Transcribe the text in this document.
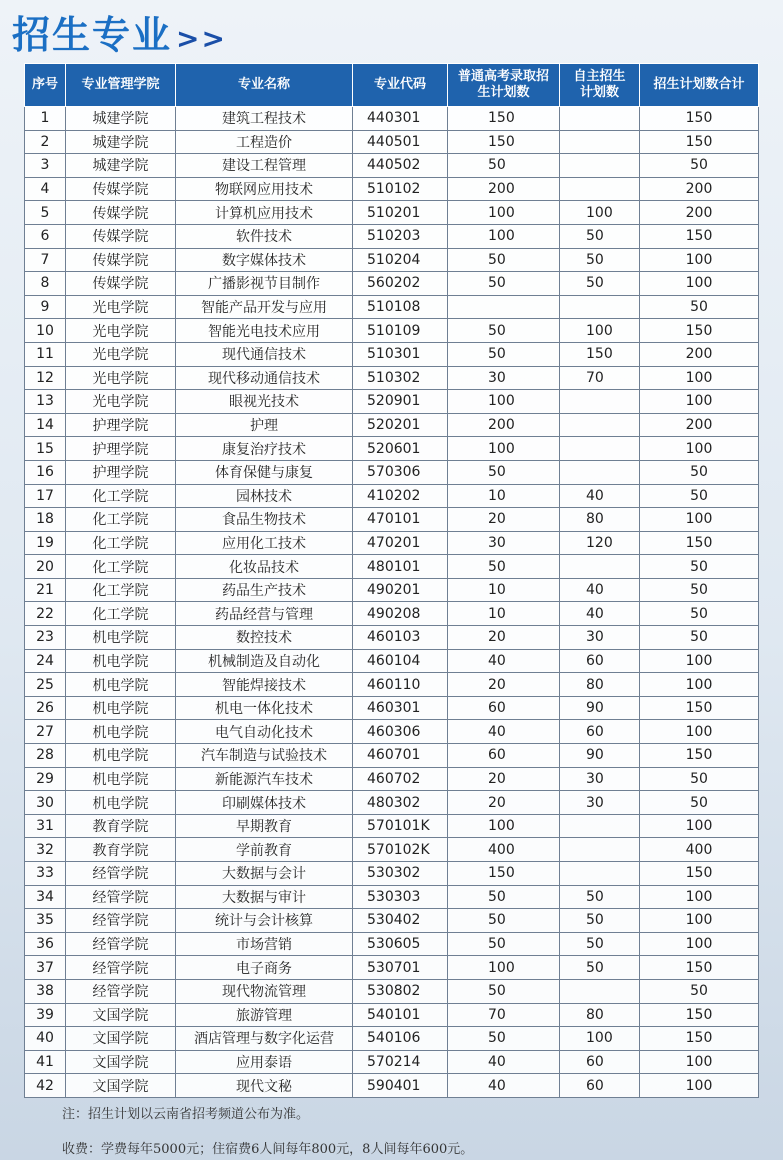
招生专业 >>
序号	专业管理学院	专业名称	专业代码	普通高考录取招生计划数	自主招生计划数	招生计划数合计
1	城建学院	建筑工程技术	440301	150		150
2	城建学院	工程造价	440501	150		150
3	城建学院	建设工程管理	440502	50		50
4	传媒学院	物联网应用技术	510102	200		200
5	传媒学院	计算机应用技术	510201	100	100	200
6	传媒学院	软件技术	510203	100	50	150
7	传媒学院	数字媒体技术	510204	50	50	100
8	传媒学院	广播影视节目制作	560202	50	50	100
9	光电学院	智能产品开发与应用	510108			50
10	光电学院	智能光电技术应用	510109	50	100	150
11	光电学院	现代通信技术	510301	50	150	200
12	光电学院	现代移动通信技术	510302	30	70	100
13	光电学院	眼视光技术	520901	100		100
14	护理学院	护理	520201	200		200
15	护理学院	康复治疗技术	520601	100		100
16	护理学院	体育保健与康复	570306	50		50
17	化工学院	园林技术	410202	10	40	50
18	化工学院	食品生物技术	470101	20	80	100
19	化工学院	应用化工技术	470201	30	120	150
20	化工学院	化妆品技术	480101	50		50
21	化工学院	药品生产技术	490201	10	40	50
22	化工学院	药品经营与管理	490208	10	40	50
23	机电学院	数控技术	460103	20	30	50
24	机电学院	机械制造及自动化	460104	40	60	100
25	机电学院	智能焊接技术	460110	20	80	100
26	机电学院	机电一体化技术	460301	60	90	150
27	机电学院	电气自动化技术	460306	40	60	100
28	机电学院	汽车制造与试验技术	460701	60	90	150
29	机电学院	新能源汽车技术	460702	20	30	50
30	机电学院	印刷媒体技术	480302	20	30	50
31	教育学院	早期教育	570101K	100		100
32	教育学院	学前教育	570102K	400		400
33	经管学院	大数据与会计	530302	150		150
34	经管学院	大数据与审计	530303	50	50	100
35	经管学院	统计与会计核算	530402	50	50	100
36	经管学院	市场营销	530605	50	50	100
37	经管学院	电子商务	530701	100	50	150
38	经管学院	现代物流管理	530802	50		50
39	文国学院	旅游管理	540101	70	80	150
40	文国学院	酒店管理与数字化运营	540106	50	100	150
41	文国学院	应用泰语	570214	40	60	100
42	文国学院	现代文秘	590401	40	60	100
注：招生计划以云南省招考频道公布为准。
收费：学费每年5000元；住宿费6人间每年800元，8人间每年600元。
